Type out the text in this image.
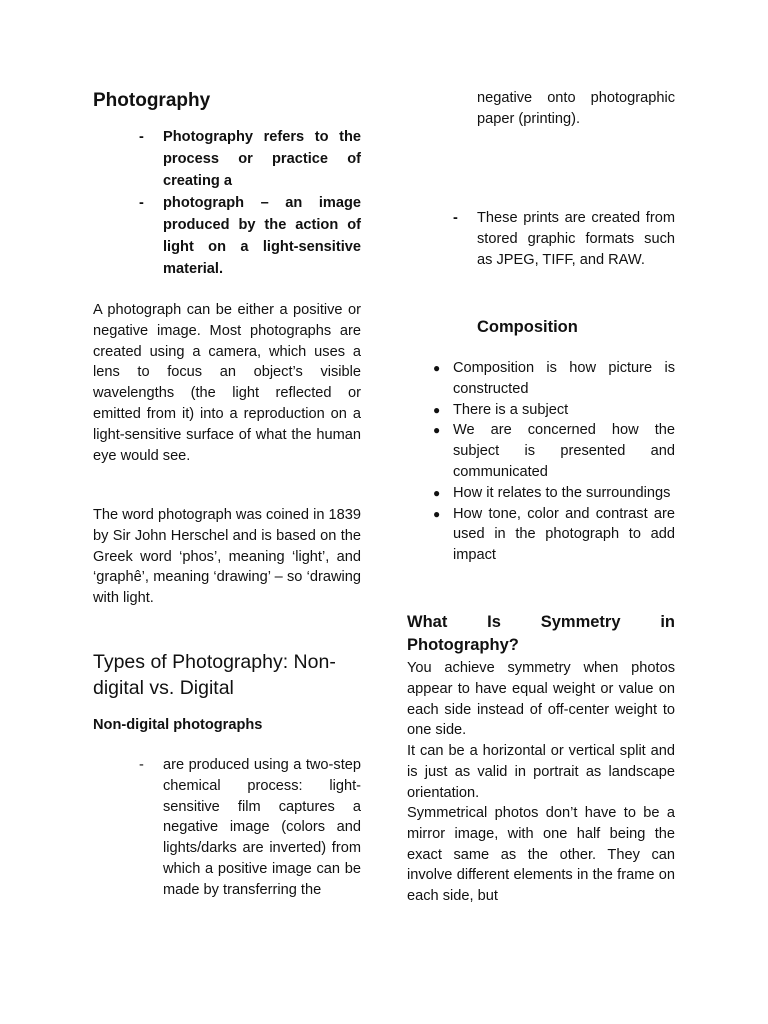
Photography
- Photography refers to the process or practice of creating a
- photograph – an image produced by the action of light on a light-sensitive material.

A photograph can be either a positive or negative image. Most photographs are created using a camera, which uses a lens to focus an object’s visible wavelengths (the light reflected or emitted from it) into a reproduction on a light-sensitive surface of what the human eye would see.

The word photograph was coined in 1839 by Sir John Herschel and is based on the Greek word ‘phos’, meaning ‘light’, and ‘graphê’, meaning ‘drawing’ – so ‘drawing with light.

Types of Photography: Non-digital vs. Digital
Non-digital photographs
- are produced using a two-step chemical process: light-sensitive film captures a negative image (colors and lights/darks are inverted) from which a positive image can be made by transferring the

negative onto photographic paper (printing).

- These prints are created from stored graphic formats such as JPEG, TIFF, and RAW.
Composition
● Composition is how picture is constructed
● There is a subject
● We are concerned how the subject is presented and communicated
● How it relates to the surroundings
● How tone, color and contrast are used in the photograph to add impact
What Is Symmetry in Photography?

You achieve symmetry when photos appear to have equal weight or value on each side instead of off-center weight to one side.

It can be a horizontal or vertical split and is just as valid in portrait as landscape orientation.

Symmetrical photos don’t have to be a mirror image, with one half being the exact same as the other. They can involve different elements in the frame on each side, but
